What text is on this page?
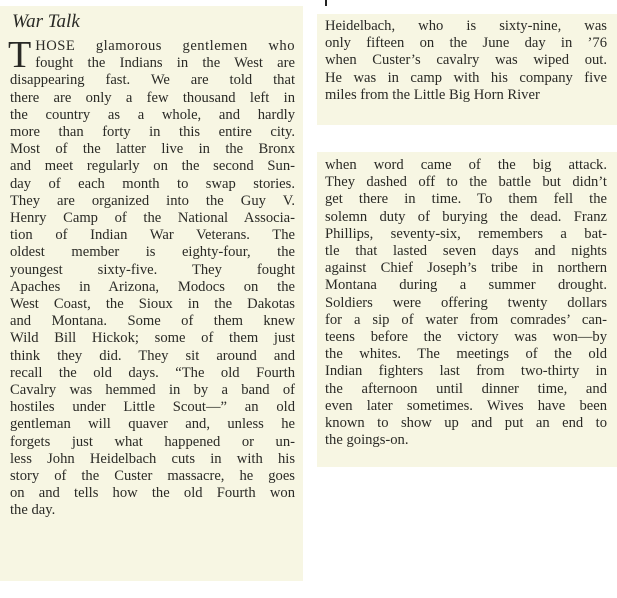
War Talk
T HOSE glamorous gentlemen who
fought the Indians in the West are
disappearing fast. We are told that
there are only a few thousand left in
the country as a whole, and hardly
more than forty in this entire city.
Most of the latter live in the Bronx
and meet regularly on the second Sun-
day of each month to swap stories.
They are organized into the Guy V.
Henry Camp of the National Associa-
tion of Indian War Veterans. The
oldest member is eighty-four, the
youngest sixty-five. They fought
Apaches in Arizona, Modocs on the
West Coast, the Sioux in the Dakotas
and Montana. Some of them knew
Wild Bill Hickok; some of them just
think they did. They sit around and
recall the old days. “The old Fourth
Cavalry was hemmed in by a band of
hostiles under Little Scout—” an old
gentleman will quaver and, unless he
forgets just what happened or un-
less John Heidelbach cuts in with his
story of the Custer massacre, he goes
on and tells how the old Fourth won
the day.
Heidelbach, who is sixty-nine, was
only fifteen on the June day in ’76
when Custer’s cavalry was wiped out.
He was in camp with his company five
miles from the Little Big Horn River
when word came of the big attack.
They dashed off to the battle but didn’t
get there in time. To them fell the
solemn duty of burying the dead. Franz
Phillips, seventy-six, remembers a bat-
tle that lasted seven days and nights
against Chief Joseph’s tribe in northern
Montana during a summer drought.
Soldiers were offering twenty dollars
for a sip of water from comrades’ can-
teens before the victory was won—by
the whites. The meetings of the old
Indian fighters last from two-thirty in
the afternoon until dinner time, and
even later sometimes. Wives have been
known to show up and put an end to
the goings-on.
